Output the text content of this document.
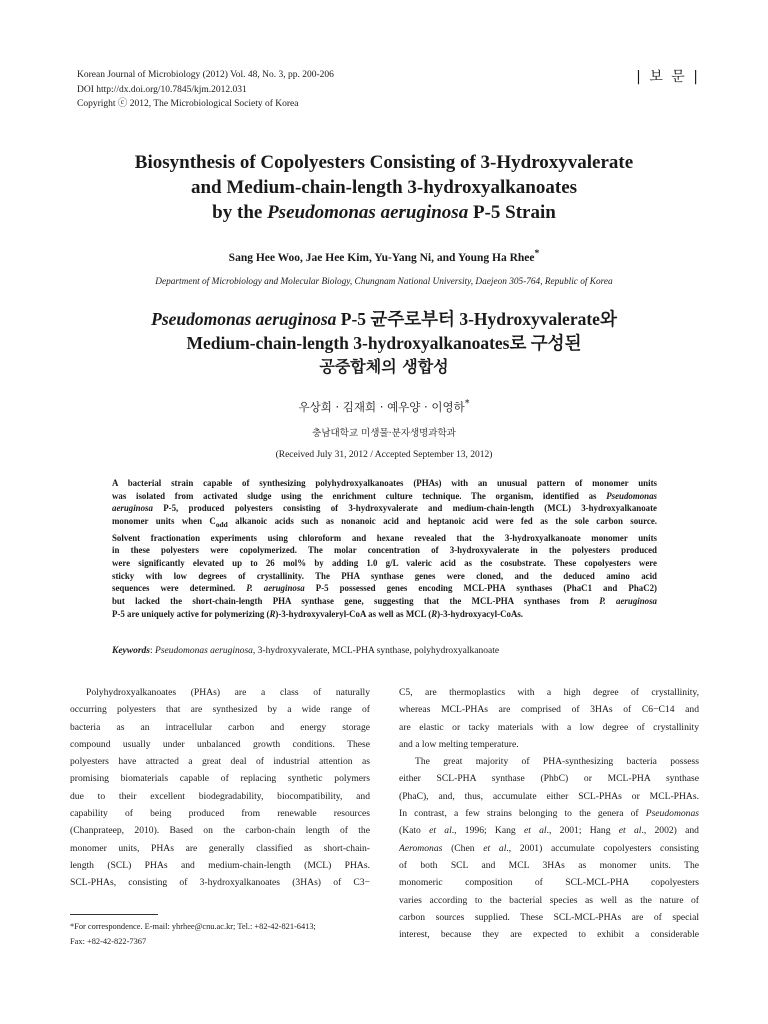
Korean Journal of Microbiology (2012) Vol. 48, No. 3, pp. 200-206
DOI http://dx.doi.org/10.7845/kjm.2012.031
Copyright ⓒ 2012, The Microbiological Society of Korea
| 보 문 |
Biosynthesis of Copolyesters Consisting of 3-Hydroxyvalerate
and Medium-chain-length 3-hydroxyalkanoates
by the Pseudomonas aeruginosa P-5 Strain
Sang Hee Woo, Jae Hee Kim, Yu-Yang Ni, and Young Ha Rhee*
Department of Microbiology and Molecular Biology, Chungnam National University, Daejeon 305-764, Republic of Korea
Pseudomonas aeruginosa P-5 균주로부터 3-Hydroxyvalerate와
Medium-chain-length 3-hydroxyalkanoates로 구성된
공중합체의 생합성
우상희 · 김재희 · 예우양 · 이영하*
충남대학교 미생물·분자생명과학과
(Received July 31, 2012 / Accepted September 13, 2012)
A bacterial strain capable of synthesizing polyhydroxyalkanoates (PHAs) with an unusual pattern of monomer units
was isolated from activated sludge using the enrichment culture technique. The organism, identified as Pseudomonas
aeruginosa P-5, produced polyesters consisting of 3-hydroxyvalerate and medium-chain-length (MCL) 3-hydroxyalkanoate
monomer units when $C_{odd}$ alkanoic acids such as nonanoic acid and heptanoic acid were fed as the sole carbon source.
Solvent fractionation experiments using chloroform and hexane revealed that the 3-hydroxyalkanoate monomer units
in these polyesters were copolymerized. The molar concentration of 3-hydroxyvalerate in the polyesters produced
were significantly elevated up to 26 mol% by adding 1.0 g/L valeric acid as the cosubstrate. These copolyesters were
sticky with low degrees of crystallinity. The PHA synthase genes were cloned, and the deduced amino acid
sequences were determined. P. aeruginosa P-5 possessed genes encoding MCL-PHA synthases (PhaC1 and PhaC2)
but lacked the short-chain-length PHA synthase gene, suggesting that the MCL-PHA synthases from P. aeruginosa
P-5 are uniquely active for polymerizing (R)-3-hydroxyvaleryl-CoA as well as MCL (R)-3-hydroxyacyl-CoAs.
Keywords: Pseudomonas aeruginosa, 3-hydroxyvalerate, MCL-PHA synthase, polyhydroxyalkanoate
Polyhydroxyalkanoates (PHAs) are a class of naturally
occurring polyesters that are synthesized by a wide range of
bacteria as an intracellular carbon and energy storage
compound usually under unbalanced growth conditions. These
polyesters have attracted a great deal of industrial attention as
promising biomaterials capable of replacing synthetic polymers
due to their excellent biodegradability, biocompatibility, and
capability of being produced from renewable resources
(Chanprateep, 2010). Based on the carbon-chain length of the
monomer units, PHAs are generally classified as short-chain-
length (SCL) PHAs and medium-chain-length (MCL) PHAs.
SCL-PHAs, consisting of 3-hydroxyalkanoates (3HAs) of C3−
*For correspondence. E-mail: yhrhee@cnu.ac.kr; Tel.: +82-42-821-6413;
Fax: +82-42-822-7367
C5, are thermoplastics with a high degree of crystallinity,
whereas MCL-PHAs are comprised of 3HAs of C6−C14 and
are elastic or tacky materials with a low degree of crystallinity
and a low melting temperature.
The great majority of PHA-synthesizing bacteria possess
either SCL-PHA synthase (PhbC) or MCL-PHA synthase
(PhaC), and, thus, accumulate either SCL-PHAs or MCL-PHAs.
In contrast, a few strains belonging to the genera of Pseudomonas
(Kato et al., 1996; Kang et al., 2001; Hang et al., 2002) and
Aeromonas (Chen et al., 2001) accumulate copolyesters consisting
of both SCL and MCL 3HAs as monomer units. The
monomeric composition of SCL-MCL-PHA copolyesters
varies according to the bacterial species as well as the nature of
carbon sources supplied. These SCL-MCL-PHAs are of special
interest, because they are expected to exhibit a considerable
